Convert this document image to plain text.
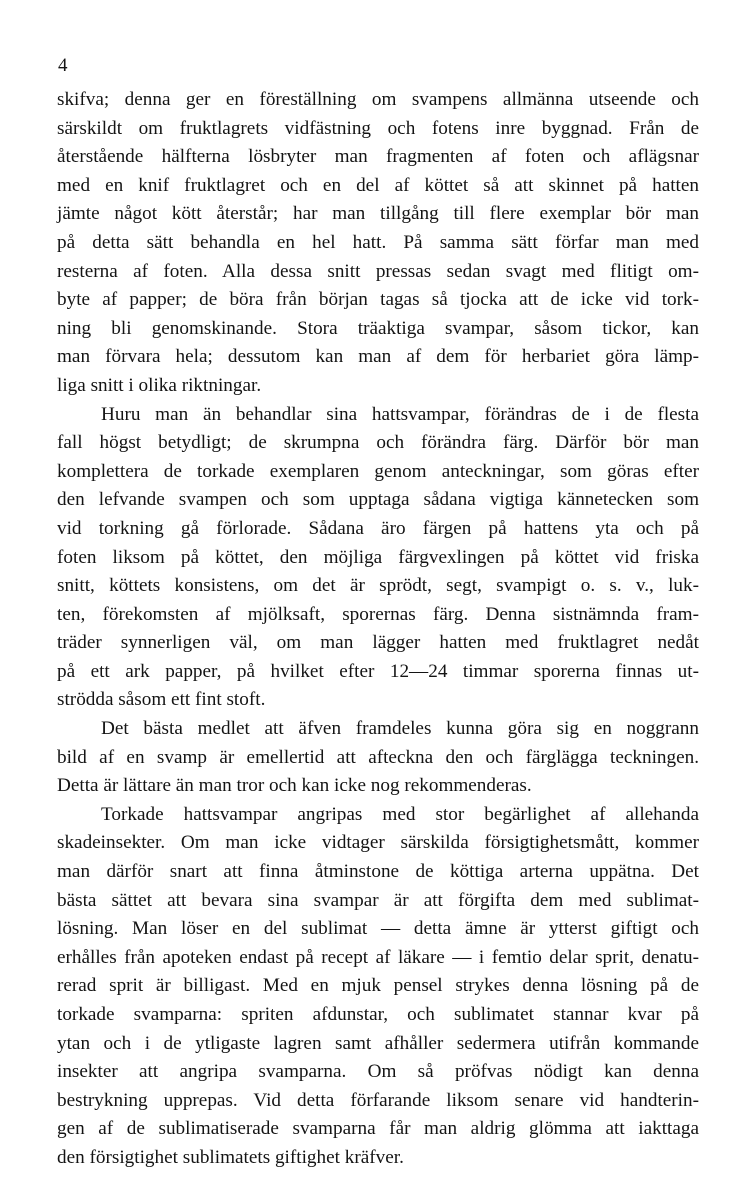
4
skifva; denna ger en föreställning om svampens allmänna utseende och
särskildt om fruktlagrets vidfästning och fotens inre byggnad. Från de
återstående hälfterna lösbryter man fragmenten af foten och aflägsnar
med en knif fruktlagret och en del af köttet så att skinnet på hatten
jämte något kött återstår; har man tillgång till flere exemplar bör man
på detta sätt behandla en hel hatt. På samma sätt förfar man med
resterna af foten. Alla dessa snitt pressas sedan svagt med flitigt om-
byte af papper; de böra från början tagas så tjocka att de icke vid tork-
ning bli genomskinande. Stora träaktiga svampar, såsom tickor, kan
man förvara hela; dessutom kan man af dem för herbariet göra lämp-
liga snitt i olika riktningar.
Huru man än behandlar sina hattsvampar, förändras de i de flesta
fall högst betydligt; de skrumpna och förändra färg. Därför bör man
komplettera de torkade exemplaren genom anteckningar, som göras efter
den lefvande svampen och som upptaga sådana vigtiga kännetecken som
vid torkning gå förlorade. Sådana äro färgen på hattens yta och på
foten liksom på köttet, den möjliga färgvexlingen på köttet vid friska
snitt, köttets konsistens, om det är sprödt, segt, svampigt o. s. v., luk-
ten, förekomsten af mjölksaft, sporernas färg. Denna sistnämnda fram-
träder synnerligen väl, om man lägger hatten med fruktlagret nedåt
på ett ark papper, på hvilket efter 12—24 timmar sporerna finnas ut-
strödda såsom ett fint stoft.
Det bästa medlet att äfven framdeles kunna göra sig en noggrann
bild af en svamp är emellertid att afteckna den och färglägga teckningen.
Detta är lättare än man tror och kan icke nog rekommenderas.
Torkade hattsvampar angripas med stor begärlighet af allehanda
skadeinsekter. Om man icke vidtager särskilda försigtighetsmått, kommer
man därför snart att finna åtminstone de köttiga arterna uppätna. Det
bästa sättet att bevara sina svampar är att förgifta dem med sublimat-
lösning. Man löser en del sublimat — detta ämne är ytterst giftigt och
erhålles från apoteken endast på recept af läkare — i femtio delar sprit, denatu-
rerad sprit är billigast. Med en mjuk pensel strykes denna lösning på de
torkade svamparna: spriten afdunstar, och sublimatet stannar kvar på
ytan och i de ytligaste lagren samt afhåller sedermera utifrån kommande
insekter att angripa svamparna. Om så pröfvas nödigt kan denna
bestrykning upprepas. Vid detta förfarande liksom senare vid handterin-
gen af de sublimatiserade svamparna får man aldrig glömma att iakttaga
den försigtighet sublimatets giftighet kräfver.
